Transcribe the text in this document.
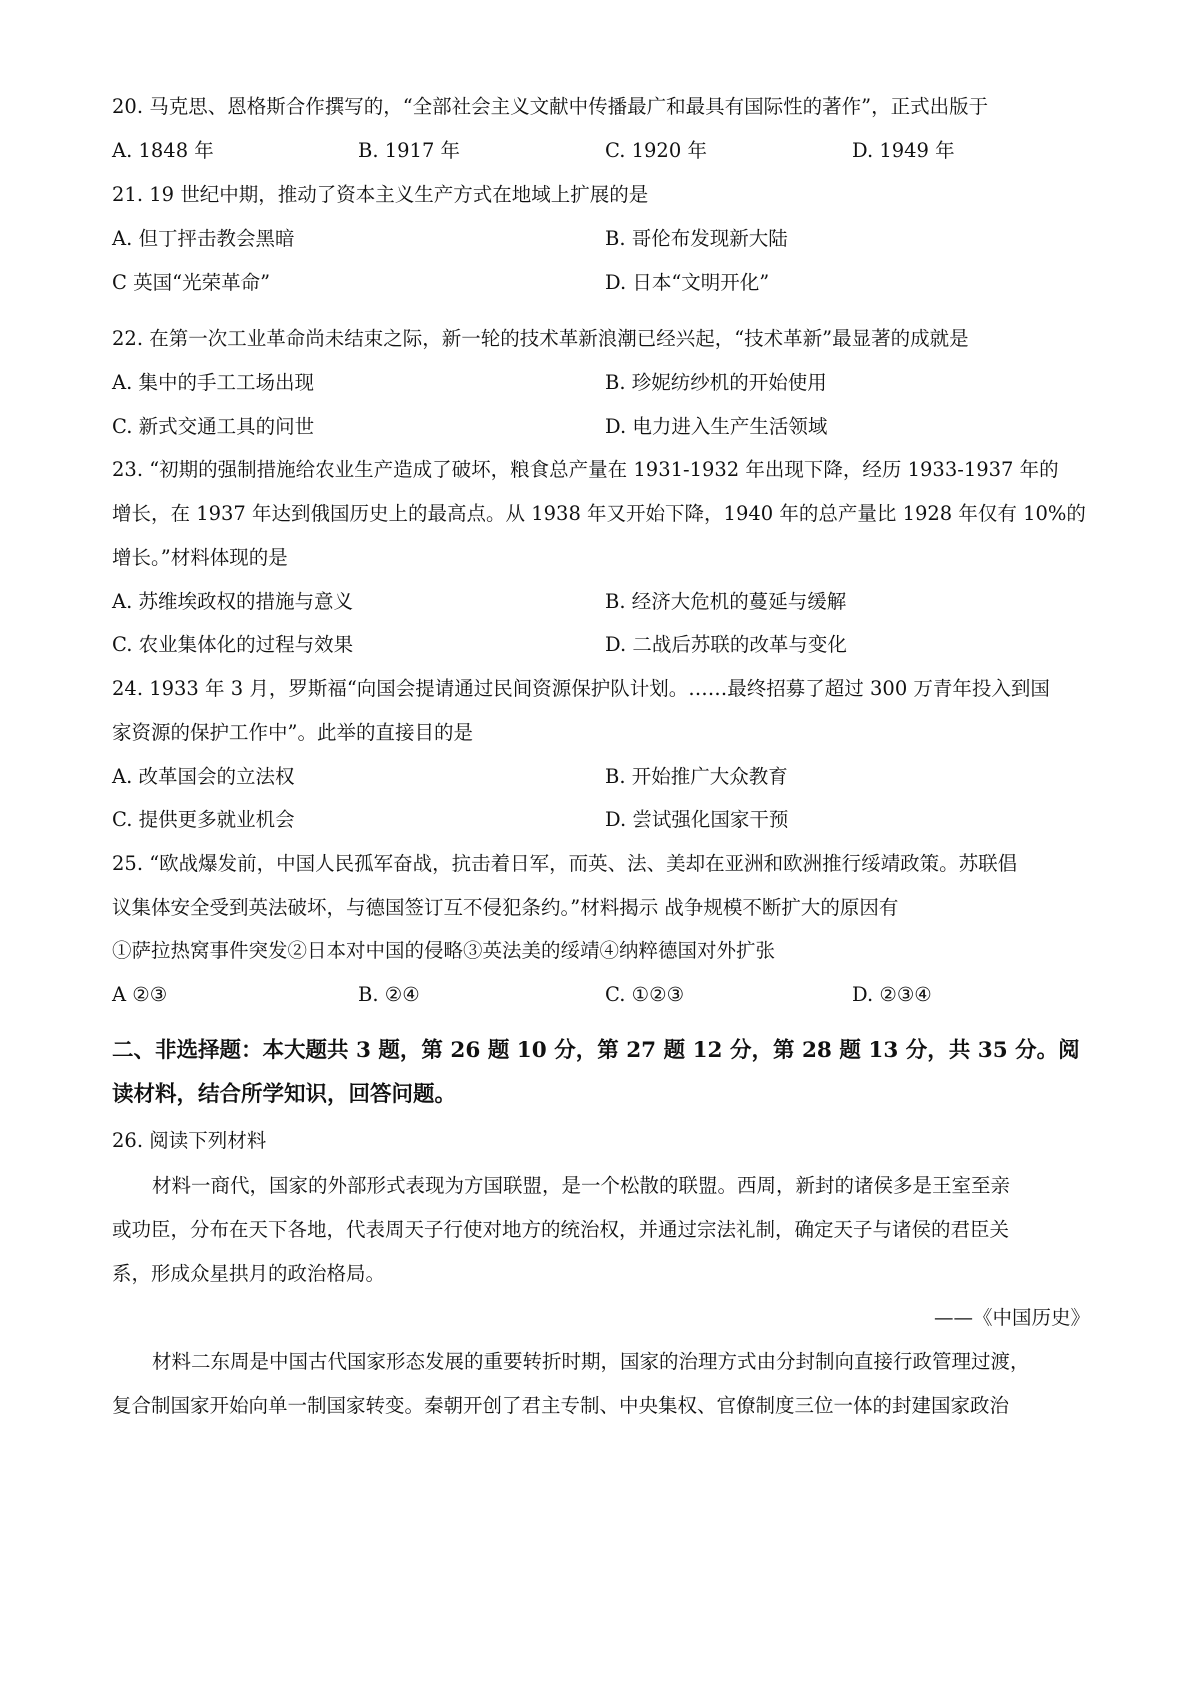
20. 马克思、恩格斯合作撰写的，“全部社会主义文献中传播最广和最具有国际性的著作”，正式出版于
A. 1848 年	B. 1917 年	C. 1920 年	D. 1949 年
21. 19 世纪中期，推动了资本主义生产方式在地域上扩展的是
A. 但丁抨击教会黑暗	B. 哥伦布发现新大陆
C 英国“光荣革命”	D. 日本“文明开化”
22. 在第一次工业革命尚未结束之际，新一轮的技术革新浪潮已经兴起，“技术革新”最显著的成就是
A. 集中的手工工场出现	B. 珍妮纺纱机的开始使用
C. 新式交通工具的问世	D. 电力进入生产生活领域
23. “初期的强制措施给农业生产造成了破坏，粮食总产量在 1931-1932 年出现下降，经历 1933-1937 年的
增长，在 1937 年达到俄国历史上的最高点。从 1938 年又开始下降，1940 年的总产量比 1928 年仅有 10%的
增长。”材料体现的是
A. 苏维埃政权的措施与意义	B. 经济大危机的蔓延与缓解
C. 农业集体化的过程与效果	D. 二战后苏联的改革与变化
24. 1933 年 3 月，罗斯福“向国会提请通过民间资源保护队计划。……最终招募了超过 300 万青年投入到国
家资源的保护工作中”。此举的直接目的是
A. 改革国会的立法权	B. 开始推广大众教育
C. 提供更多就业机会	D. 尝试强化国家干预
25. “欧战爆发前，中国人民孤军奋战，抗击着日军，而英、法、美却在亚洲和欧洲推行绥靖政策。苏联倡
议集体安全受到英法破坏，与德国签订互不侵犯条约。”材料揭示 战争规模不断扩大的原因有
①萨拉热窝事件突发②日本对中国的侵略③英法美的绥靖④纳粹德国对外扩张
A ②③	B. ②④	C. ①②③	D. ②③④
二、非选择题：本大题共 3 题，第 26 题 10 分，第 27 题 12 分，第 28 题 13 分，共 35 分。阅
读材料，结合所学知识，回答问题。
26. 阅读下列材料
材料一商代，国家的外部形式表现为方国联盟，是一个松散的联盟。西周，新封的诸侯多是王室至亲
或功臣，分布在天下各地，代表周天子行使对地方的统治权，并通过宗法礼制，确定天子与诸侯的君臣关
系，形成众星拱月的政治格局。
——《中国历史》
材料二东周是中国古代国家形态发展的重要转折时期，国家的治理方式由分封制向直接行政管理过渡，
复合制国家开始向单一制国家转变。秦朝开创了君主专制、中央集权、官僚制度三位一体的封建国家政治
